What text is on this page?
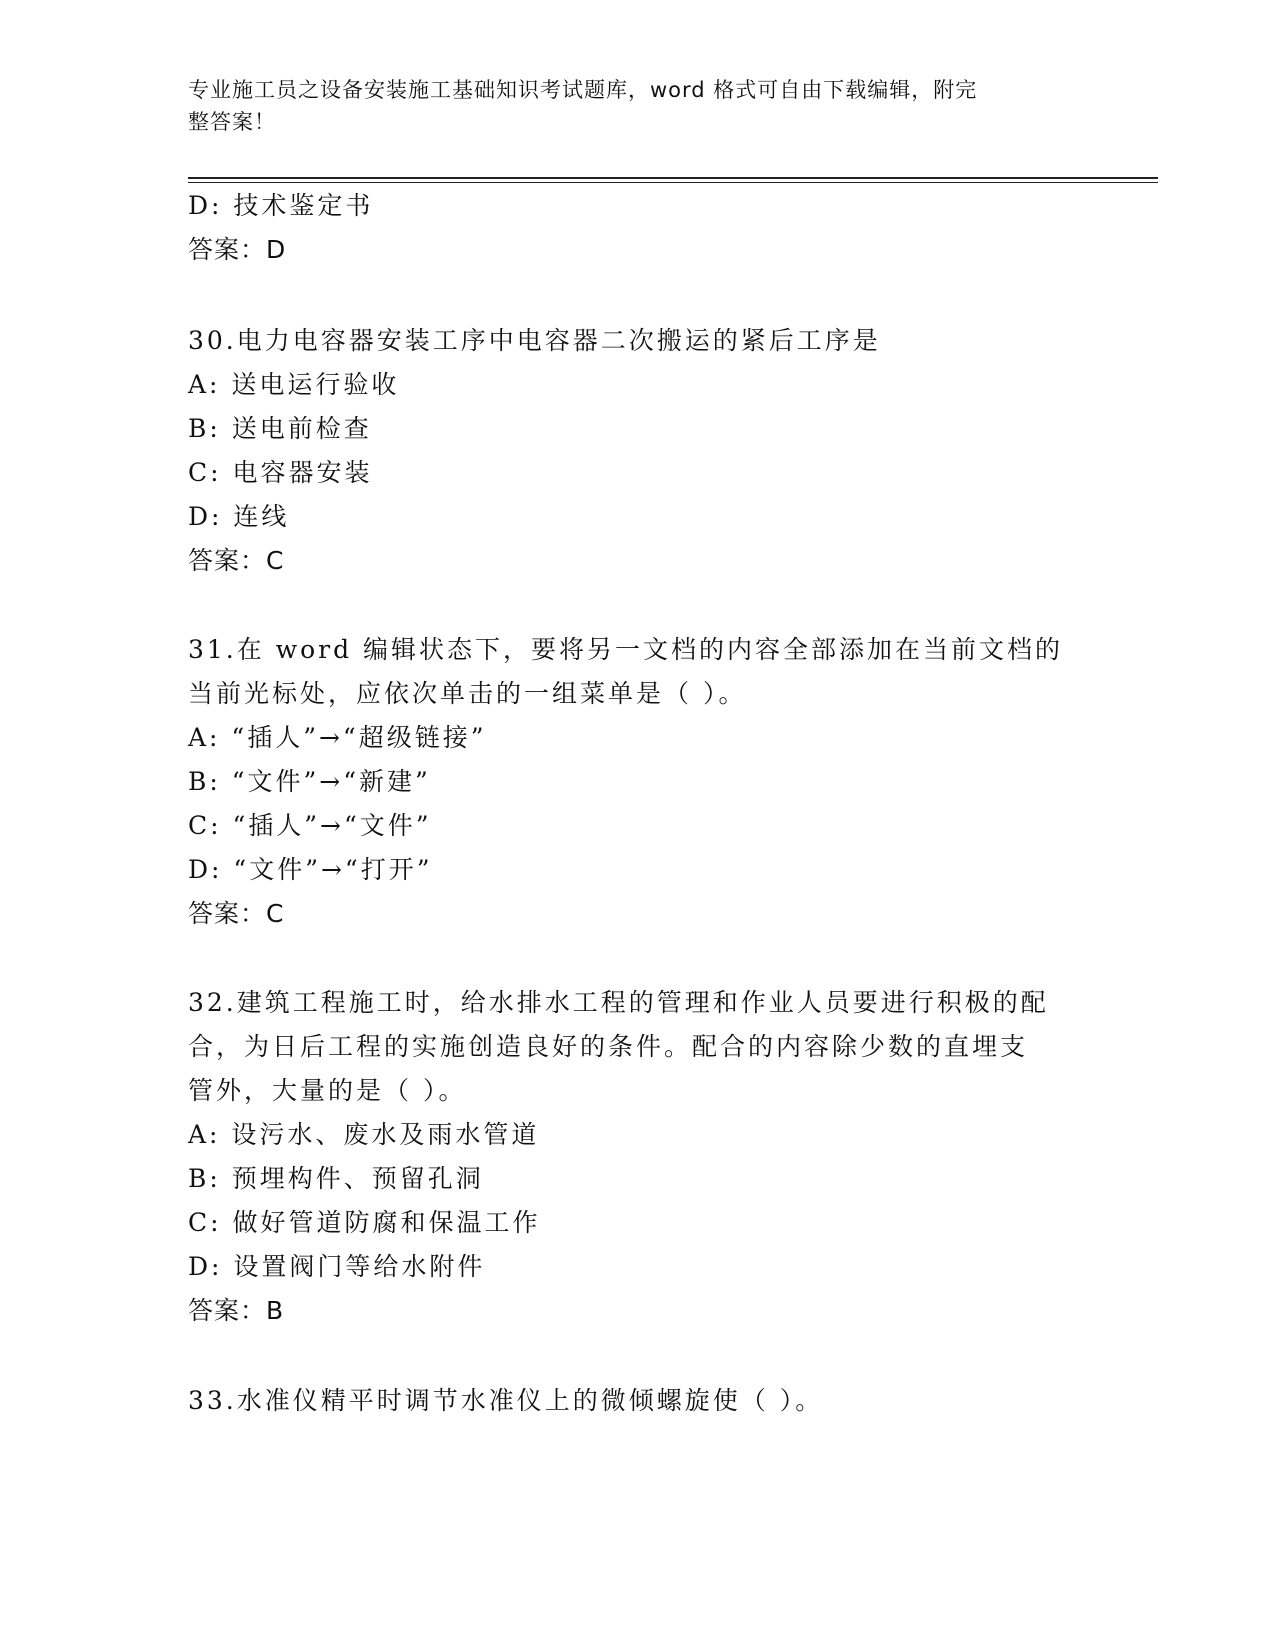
专业施工员之设备安装施工基础知识考试题库，word 格式可自由下载编辑，附完
整答案！
D: 技术鉴定书
答案：D
30.电力电容器安装工序中电容器二次搬运的紧后工序是
A: 送电运行验收
B: 送电前检查
C: 电容器安装
D: 连线
答案：C
31.在 word 编辑状态下，要将另一文档的内容全部添加在当前文档的
当前光标处，应依次单击的一组菜单是（ ）。
A: “插人”→“超级链接”
B: “文件”→“新建”
C: “插人”→“文件”
D: “文件”→“打开”
答案：C
32.建筑工程施工时，给水排水工程的管理和作业人员要进行积极的配
合，为日后工程的实施创造良好的条件。配合的内容除少数的直埋支
管外，大量的是（ ）。
A: 设污水、废水及雨水管道
B: 预埋构件、预留孔洞
C: 做好管道防腐和保温工作
D: 设置阀门等给水附件
答案：B
33.水准仪精平时调节水准仪上的微倾螺旋使（ ）。
